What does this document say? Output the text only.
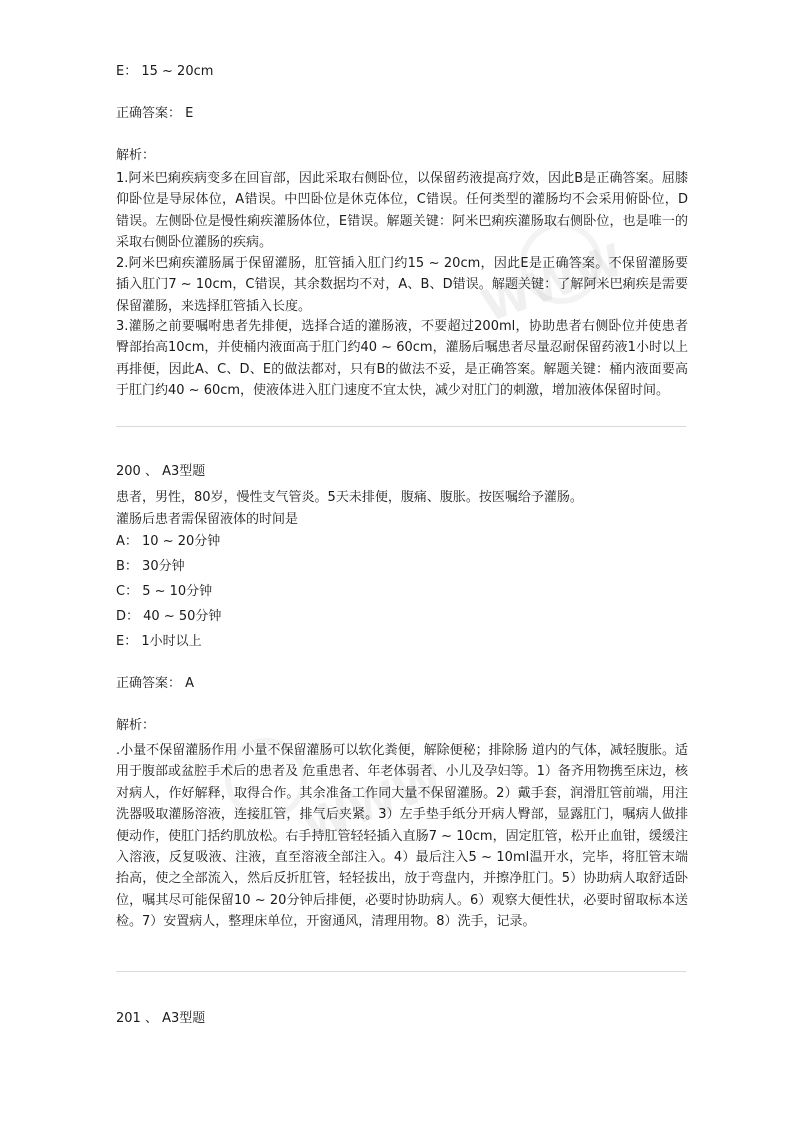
WWW
WWW
E： 15 ~ 20cm
正确答案： E
解析：
1.阿米巴痢疾病变多在回盲部，因此采取右侧卧位，以保留药液提高疗效，因此B是正确答案。屈膝仰卧位是导尿体位，A错误。中凹卧位是休克体位，C错误。任何类型的灌肠均不会采用俯卧位，D错误。左侧卧位是慢性痢疾灌肠体位，E错误。解题关键：阿米巴痢疾灌肠取右侧卧位，也是唯一的采取右侧卧位灌肠的疾病。
2.阿米巴痢疾灌肠属于保留灌肠，肛管插入肛门约15 ~ 20cm，因此E是正确答案。不保留灌肠要插入肛门7 ~ 10cm，C错误，其余数据均不对，A、B、D错误。解题关键：了解阿米巴痢疾是需要保留灌肠，来选择肛管插入长度。
3.灌肠之前要嘱咐患者先排便，选择合适的灌肠液，不要超过200ml，协助患者右侧卧位并使患者臀部抬高10cm，并使桶内液面高于肛门约40 ~ 60cm，灌肠后嘱患者尽量忍耐保留药液1小时以上再排便，因此A、C、D、E的做法都对，只有B的做法不妥，是正确答案。解题关键：桶内液面要高于肛门约40 ~ 60cm，使液体进入肛门速度不宜太快，减少对肛门的刺激，增加液体保留时间。
200 、 A3型题
患者，男性，80岁，慢性支气管炎。5天未排便，腹痛、腹胀。按医嘱给予灌肠。
灌肠后患者需保留液体的时间是
A： 10 ~ 20分钟
B： 30分钟
C： 5 ~ 10分钟
D： 40 ~ 50分钟
E： 1小时以上
正确答案： A
解析：
.小量不保留灌肠作用 小量不保留灌肠可以软化粪便，解除便秘；排除肠 道内的气体，减轻腹胀。适用于腹部或盆腔手术后的患者及 危重患者、年老体弱者、小儿及孕妇等。1）备齐用物携至床边，核对病人，作好解释，取得合作。其余准备工作同大量不保留灌肠。2）戴手套，润滑肛管前端，用注洗器吸取灌肠溶液，连接肛管，排气后夹紧。3）左手垫手纸分开病人臀部，显露肛门，嘱病人做排便动作，使肛门括约肌放松。右手持肛管轻轻插入直肠7 ~ 10cm，固定肛管，松开止血钳，缓缓注入溶液，反复吸液、注液，直至溶液全部注入。4）最后注入5 ~ 10ml温开水，完毕，将肛管末端抬高，使之全部流入，然后反折肛管，轻轻拔出，放于弯盘内，并擦净肛门。5）协助病人取舒适卧位，嘱其尽可能保留10 ~ 20分钟后排便，必要时协助病人。6）观察大便性状，必要时留取标本送检。7）安置病人，整理床单位，开窗通风，清理用物。8）洗手，记录。
201 、 A3型题
